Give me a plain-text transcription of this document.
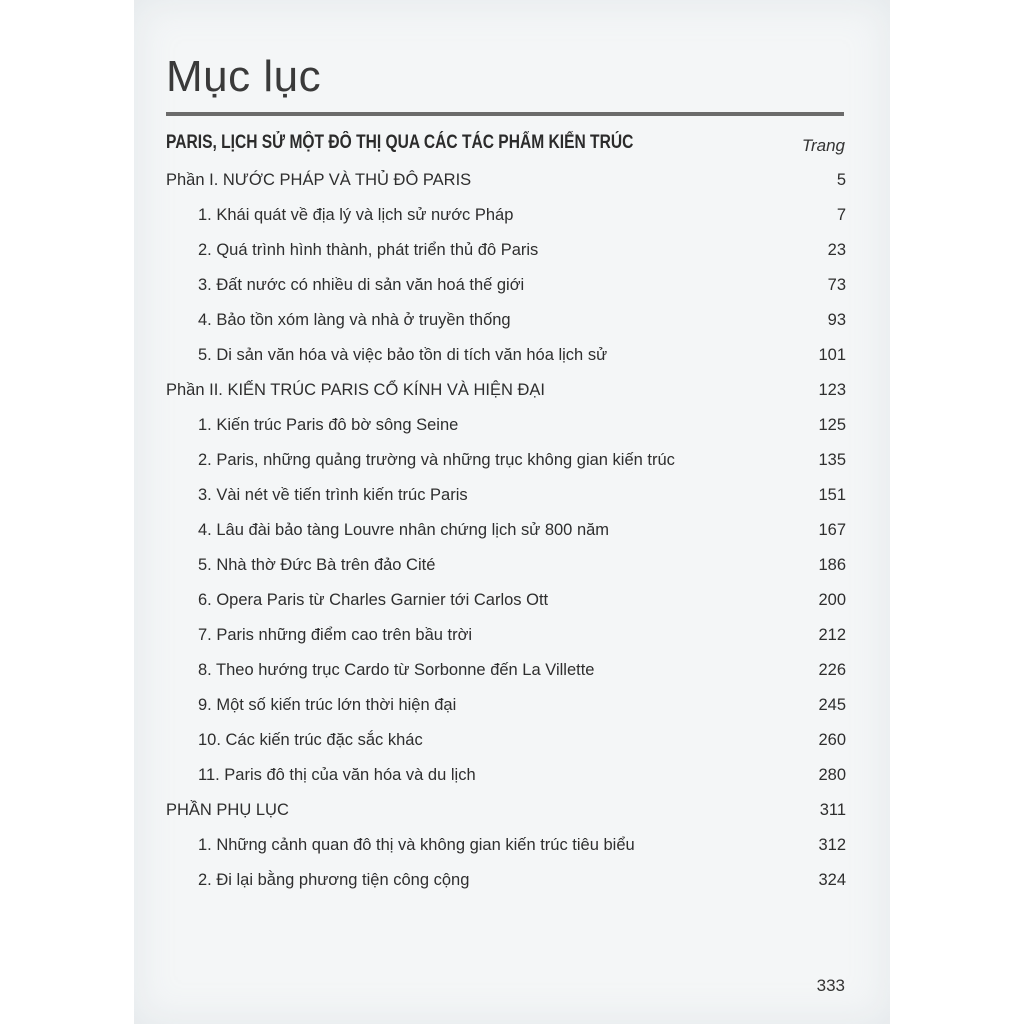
Mục lục
PARIS, LỊCH SỬ MỘT ĐÔ THỊ QUA CÁC TÁC PHẨM KIẾN TRÚC	Trang
Phần I. NƯỚC PHÁP VÀ THỦ ĐÔ PARIS	5
1. Khái quát về địa lý và lịch sử nước Pháp	7
2. Quá trình hình thành, phát triển thủ đô Paris	23
3. Đất nước có nhiều di sản văn hoá thế giới	73
4. Bảo tồn xóm làng và nhà ở truyền thống	93
5. Di sản văn hóa và việc bảo tồn di tích văn hóa lịch sử	101
Phần II. KIẾN TRÚC PARIS CỔ KÍNH VÀ HIỆN ĐẠI	123
1. Kiến trúc Paris đô bờ sông Seine	125
2. Paris, những quảng trường và những trục không gian kiến trúc	135
3. Vài nét về tiến trình kiến trúc Paris	151
4. Lâu đài bảo tàng Louvre nhân chứng lịch sử 800 năm	167
5. Nhà thờ Đức Bà trên đảo Cité	186
6. Opera Paris từ Charles Garnier tới Carlos Ott	200
7. Paris những điểm cao trên bầu trời	212
8. Theo hướng trục Cardo từ Sorbonne đến La Villette	226
9. Một số kiến trúc lớn thời hiện đại	245
10. Các kiến trúc đặc sắc khác	260
11. Paris đô thị của văn hóa và du lịch	280
PHẦN PHỤ LỤC	311
1. Những cảnh quan đô thị và không gian kiến trúc tiêu biểu	312
2. Đi lại bằng phương tiện công cộng	324
333
